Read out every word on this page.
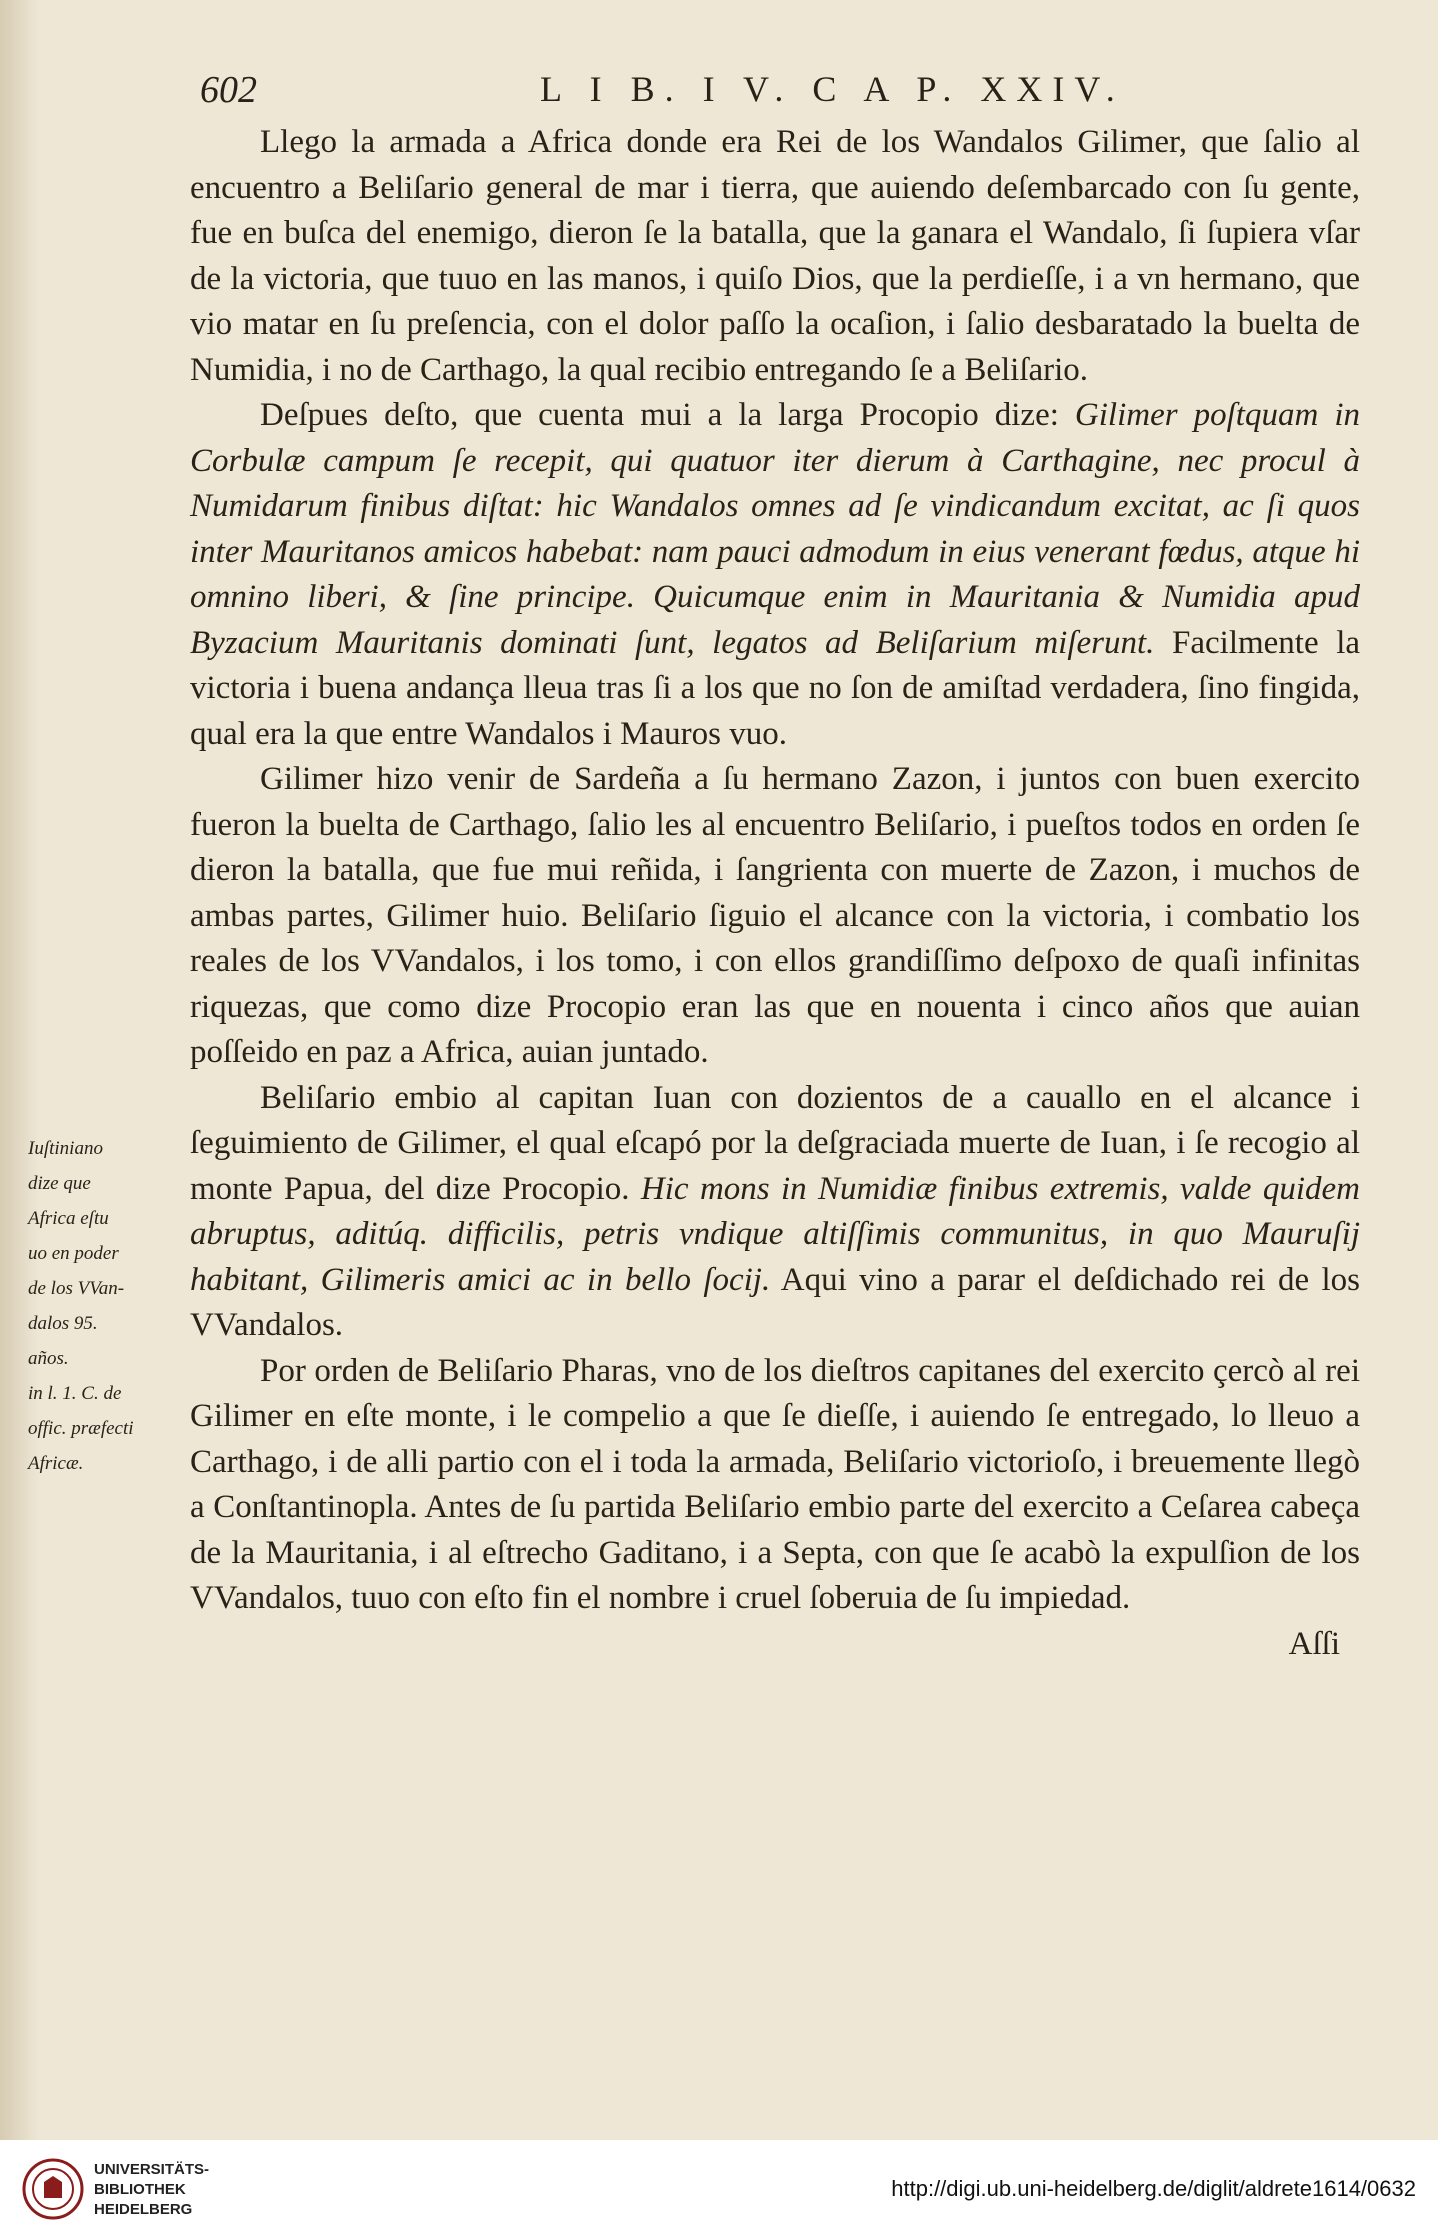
602	L I B. I V. C A P. XXIV.
Iuſtiniano
dize que
Africa eſtu
uo en poder
de los VVan-
dalos 95.
años.
in l. 1. C. de
offic. præfecti
Africæ.

Llego la armada a Africa donde era Rei de los Wandalos Gilimer, que ſalio al encuentro a Beliſario general de mar i tierra, que auiendo deſembarcado con ſu gente, fue en buſca del enemigo, dieron ſe la batalla, que la ganara el Wandalo, ſi ſupiera vſar de la victoria, que tuuo en las manos, i quiſo Dios, que la perdieſſe, i a vn hermano, que vio matar en ſu preſencia, con el dolor paſſo la ocaſion, i ſalio desbaratado la buelta de Numidia, i no de Carthago, la qual recibio entregando ſe a Beliſario.

Deſpues deſto, que cuenta mui a la larga Procopio dize: Gilimer poſtquam in Corbulæ campum ſe recepit, qui quatuor iter dierum à Carthagine, nec procul à Numidarum finibus diſtat: hic Wandalos omnes ad ſe vindicandum excitat, ac ſi quos inter Mauritanos amicos habebat: nam pauci admodum in eius venerant fœdus, atque hi omnino liberi, & ſine principe. Quicumque enim in Mauritania & Numidia apud Byzacium Mauritanis dominati ſunt, legatos ad Beliſarium miſerunt. Facilmente la victoria i buena andança lleua tras ſi a los que no ſon de amiſtad verdadera, ſino fingida, qual era la que entre Wandalos i Mauros vuo.

Gilimer hizo venir de Sardeña a ſu hermano Zazon, i juntos con buen exercito fueron la buelta de Carthago, ſalio les al encuentro Beliſario, i pueſtos todos en orden ſe dieron la batalla, que fue mui reñida, i ſangrienta con muerte de Zazon, i muchos de ambas partes, Gilimer huio. Beliſario ſiguio el alcance con la victoria, i combatio los reales de los VVandalos, i los tomo, i con ellos grandiſſimo deſpoxo de quaſi infinitas riquezas, que como dize Procopio eran las que en nouenta i cinco años que auian poſſeido en paz a Africa, auian juntado.

Beliſario embio al capitan Iuan con dozientos de a cauallo en el alcance i ſeguimiento de Gilimer, el qual eſcapó por la deſgraciada muerte de Iuan, i ſe recogio al monte Papua, del dize Procopio. Hic mons in Numidiæ finibus extremis, valde quidem abruptus, aditúq. difficilis, petris vndique altiſſimis communitus, in quo Mauruſij habitant, Gilimeris amici ac in bello ſocij. Aqui vino a parar el deſdichado rei de los VVandalos.

Por orden de Beliſario Pharas, vno de los dieſtros capitanes del exercito çercò al rei Gilimer en eſte monte, i le compelio a que ſe dieſſe, i auiendo ſe entregado, lo lleuo a Carthago, i de alli partio con el i toda la armada, Beliſario victorioſo, i breuemente llegò a Conſtantinopla. Antes de ſu partida Beliſario embio parte del exercito a Ceſarea cabeça de la Mauritania, i al eſtrecho Gaditano, i a Septa, con que ſe acabò la expulſion de los VVandalos, tuuo con eſto fin el nombre i cruel ſoberuia de ſu impiedad.

Aſſi
UNIVERSITÄTS-
BIBLIOTHEK
HEIDELBERG
http://digi.ub.uni-heidelberg.de/diglit/aldrete1614/0632
